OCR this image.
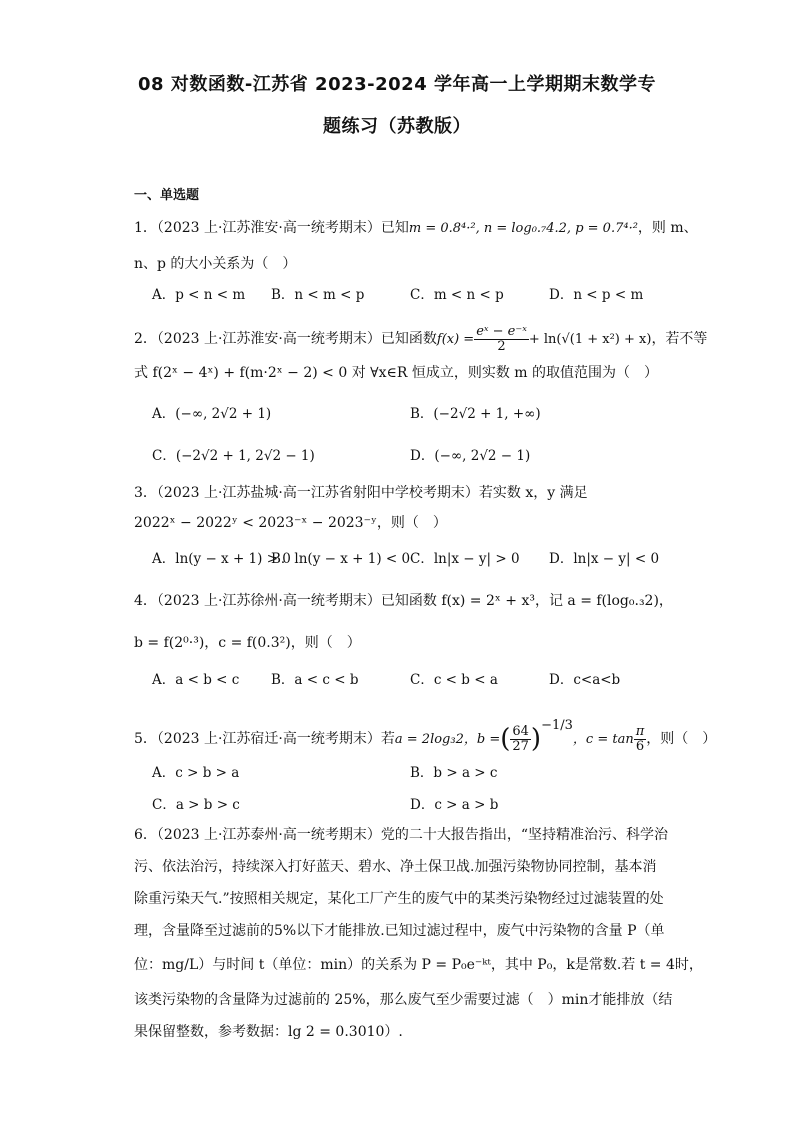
08 对数函数-江苏省 2023-2024 学年高一上学期期末数学专
题练习（苏教版）
一、单选题
1．（2023 上·江苏淮安·高一统考期末）已知m = 0.8⁴·², n = log₀.₇4.2, p = 0.7⁴·²，则 m、
n、p 的大小关系为（　）
A．p < n < m B．n < m < p	C．m < n < p	D．n < p < m
2．（2023 上·江苏淮安·高一统考期末）已知函数$f(x) = \frac{\text{eˣ − e⁻ˣ}}{2} + \ln(√(1 + x^2) + x)$，若不等
式 f(2ˣ − 4ˣ) + f(m·2ˣ − 2) < 0 对 ∀x∈R 恒成立，则实数 m 的取值范围为（　）
A．(−∞, 2√2 + 1)	B．(−2√2 + 1, +∞)
C．(−2√2 + 1, 2√2 − 1)	D．(−∞, 2√2 − 1)
3．（2023 上·江苏盐城·高一江苏省射阳中学校考期末）若实数 x，y 满足
2022ˣ − 2022ʸ < 2023⁻ˣ − 2023⁻ʸ，则（　）
A．ln(y − x + 1) > 0
B．ln(y − x + 1) < 0 C．ln|x − y| > 0 D．ln|x − y| < 0
4．（2023 上·江苏徐州·高一统考期末）已知函数 f(x) = 2ˣ + x³，记 a = f(log₀.₃2)，
b = f(2⁰·³)，c = f(0.3²)，则（　）
A．a < b < c B．a < c < b	C．c < b < a	D．c<a<b
5．（2023 上·江苏宿迁·高一统考期末）若a = 2log₃2，b =( $\frac{64}{27} )^{-1/3}$，$c = \tan \frac{\pi}{6}$ ，则（　）
A．c > b > a	B．b > a > c
C．a > b > c	D．c > a > b
6．（2023 上·江苏泰州·高一统考期末）党的二十大报告指出，“坚持精准治污、科学治
污、依法治污，持续深入打好蓝天、碧水、净土保卫战.加强污染物协同控制，基本消
除重污染天气.”按照相关规定，某化工厂产生的废气中的某类污染物经过过滤装置的处
理，含量降至过滤前的5%以下才能排放.已知过滤过程中，废气中污染物的含量 P（单
位：mg/L）与时间 t（单位：min）的关系为 P = P₀e⁻ᵏᵗ，其中 P₀，k是常数.若 t = 4时，
该类污染物的含量降为过滤前的 25%，那么废气至少需要过滤（　）min才能排放（结
果保留整数，参考数据：lg 2 = 0.3010）.
